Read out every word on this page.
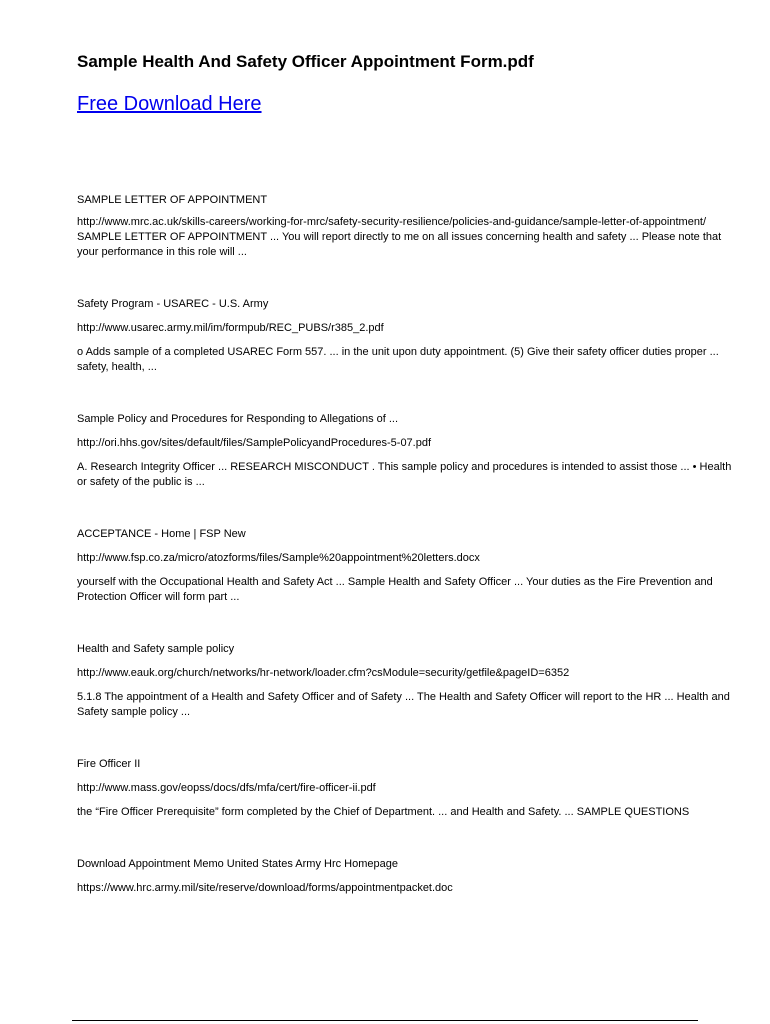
Sample Health And Safety Officer Appointment Form.pdf
Free Download Here

SAMPLE LETTER OF APPOINTMENT

http://www.mrc.ac.uk/skills-careers/working-for-mrc/safety-security-resilience/policies-and-guidance/sample-letter-of-appointment/

SAMPLE LETTER OF APPOINTMENT ... You will report directly to me on all issues concerning health and safety ... Please note that your performance in this role will ...

Safety Program - USAREC - U.S. Army

http://www.usarec.army.mil/im/formpub/REC_PUBS/r385_2.pdf

o Adds sample of a completed USAREC Form 557. ... in the unit upon duty appointment. (5) Give their safety officer duties proper ... safety, health, ...

Sample Policy and Procedures for Responding to Allegations of ...

http://ori.hhs.gov/sites/default/files/SamplePolicyandProcedures-5-07.pdf

A. Research Integrity Officer ... RESEARCH MISCONDUCT . This sample policy and procedures is intended to assist those ... • Health or safety of the public is ...

ACCEPTANCE - Home | FSP New

http://www.fsp.co.za/micro/atozforms/files/Sample%20appointment%20letters.docx

yourself with the Occupational Health and Safety Act ... Sample Health and Safety Officer ... Your duties as the Fire Prevention and Protection Officer will form part ...

Health and Safety sample policy

http://www.eauk.org/church/networks/hr-network/loader.cfm?csModule=security/getfile&pageID=6352

5.1.8 The appointment of a Health and Safety Officer and of Safety ... The Health and Safety Officer will report to the HR ... Health and Safety sample policy ...

Fire Officer II

http://www.mass.gov/eopss/docs/dfs/mfa/cert/fire-officer-ii.pdf

the “Fire Officer Prerequisite” form completed by the Chief of Department. ... and Health and Safety. ... SAMPLE QUESTIONS

Download Appointment Memo United States Army Hrc Homepage

https://www.hrc.army.mil/site/reserve/download/forms/appointmentpacket.doc
